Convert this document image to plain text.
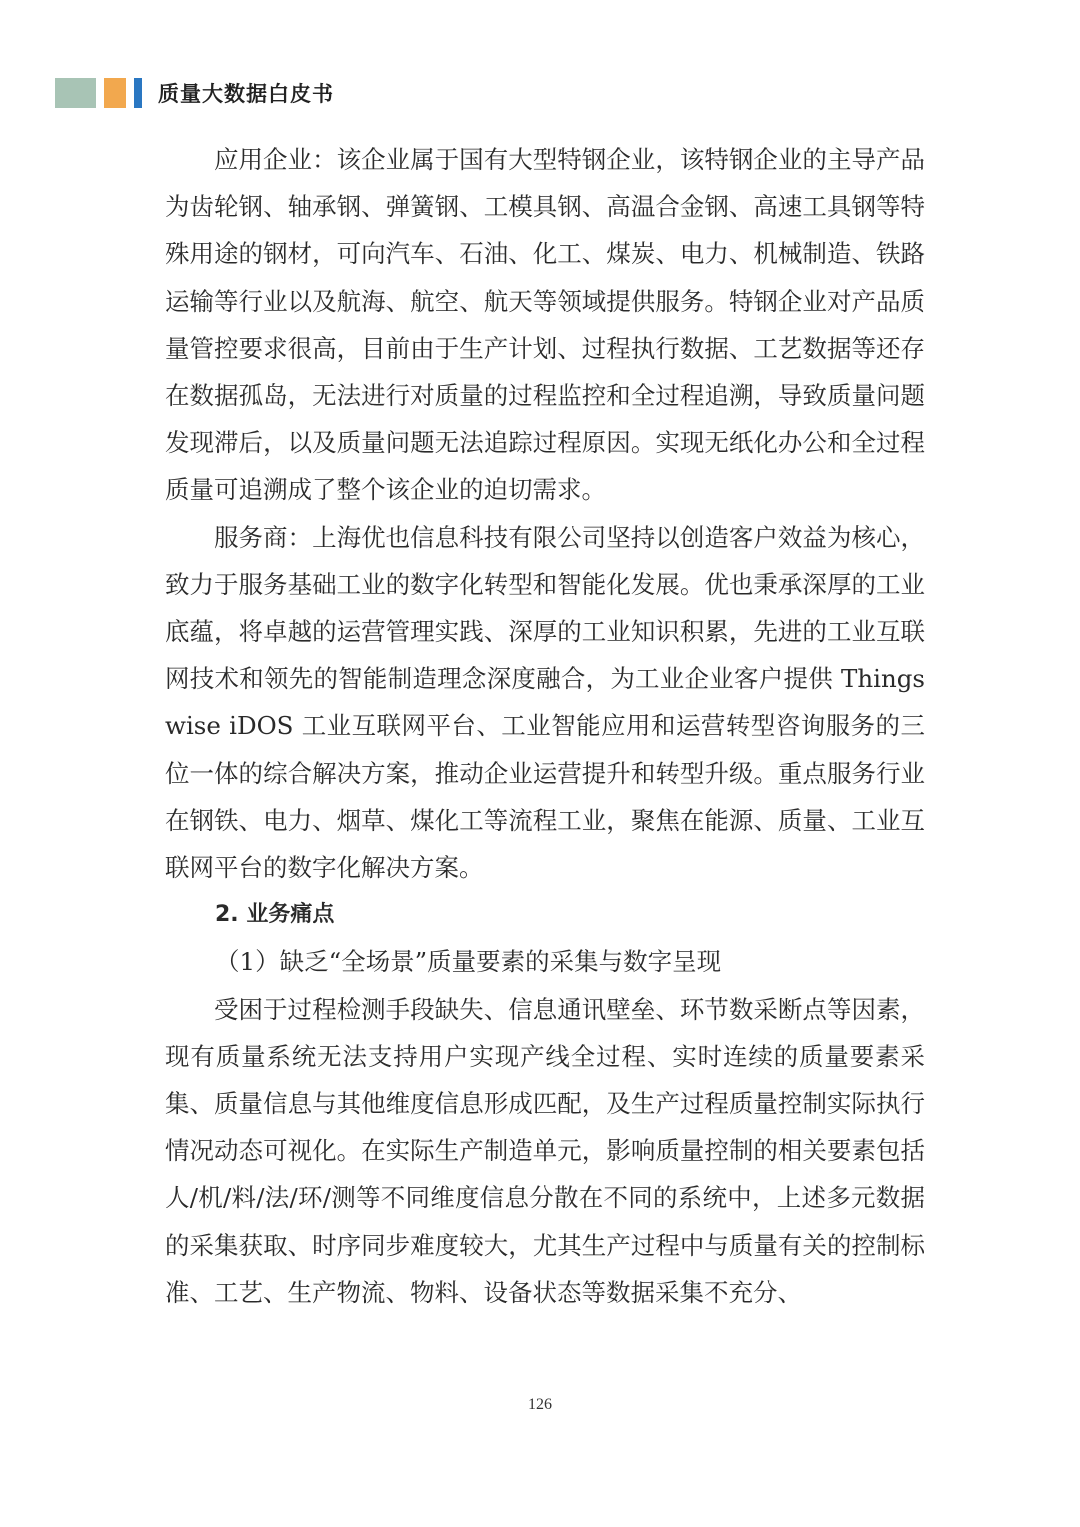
质量大数据白皮书

应用企业：该企业属于国有大型特钢企业，该特钢企业的主导产品为齿轮钢、轴承钢、弹簧钢、工模具钢、高温合金钢、高速工具钢等特殊用途的钢材，可向汽车、石油、化工、煤炭、电力、机械制造、铁路运输等行业以及航海、航空、航天等领域提供服务。特钢企业对产品质量管控要求很高，目前由于生产计划、过程执行数据、工艺数据等还存在数据孤岛，无法进行对质量的过程监控和全过程追溯，导致质量问题发现滞后，以及质量问题无法追踪过程原因。实现无纸化办公和全过程质量可追溯成了整个该企业的迫切需求。

服务商：上海优也信息科技有限公司坚持以创造客户效益为核心，致力于服务基础工业的数字化转型和智能化发展。优也秉承深厚的工业底蕴，将卓越的运营管理实践、深厚的工业知识积累，先进的工业互联网技术和领先的智能制造理念深度融合，为工业企业客户提供 Thingswise iDOS 工业互联网平台、工业智能应用和运营转型咨询服务的三位一体的综合解决方案，推动企业运营提升和转型升级。重点服务行业在钢铁、电力、烟草、煤化工等流程工业，聚焦在能源、质量、工业互联网平台的数字化解决方案。

2. 业务痛点

（1）缺乏“全场景”质量要素的采集与数字呈现

受困于过程检测手段缺失、信息通讯壁垒、环节数采断点等因素，现有质量系统无法支持用户实现产线全过程、实时连续的质量要素采集、质量信息与其他维度信息形成匹配，及生产过程质量控制实际执行情况动态可视化。在实际生产制造单元，影响质量控制的相关要素包括人/机/料/法/环/测等不同维度信息分散在不同的系统中，上述多元数据的采集获取、时序同步难度较大，尤其生产过程中与质量有关的控制标准、工艺、生产物流、物料、设备状态等数据采集不充分、

126
